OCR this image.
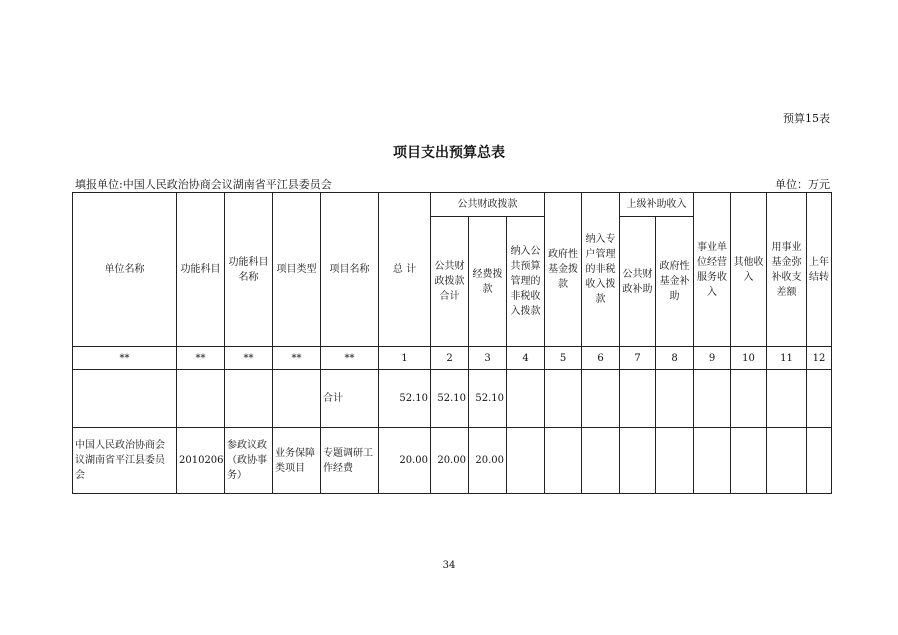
预算15表
项目支出预算总表
填报单位:中国人民政治协商会议湖南省平江县委员会	单位：万元
单位名称	功能科目	功能科目名称	项目类型	项目名称	总 计	公共财政拨款			政府性基金拨款	纳入专户管理的非税收入拨款	上级补助收入		事业单位经营服务收入	其他收入	用事业基金弥补收支差额	上年结转
						公共财政拨款合计	经费拨款	纳入公共预算管理的非税收入拨款			公共财政补助	政府性基金补助				
**	**	**	**	**	1	2	3	4	5	6	7	8	9	10	11	12
				合计	52.10	52.10	52.10									
中国人民政治协商会议湖南省平江县委员会	2010206	参政议政（政协事务）	业务保障类项目	专题调研工作经费	20.00	20.00	20.00									
34
